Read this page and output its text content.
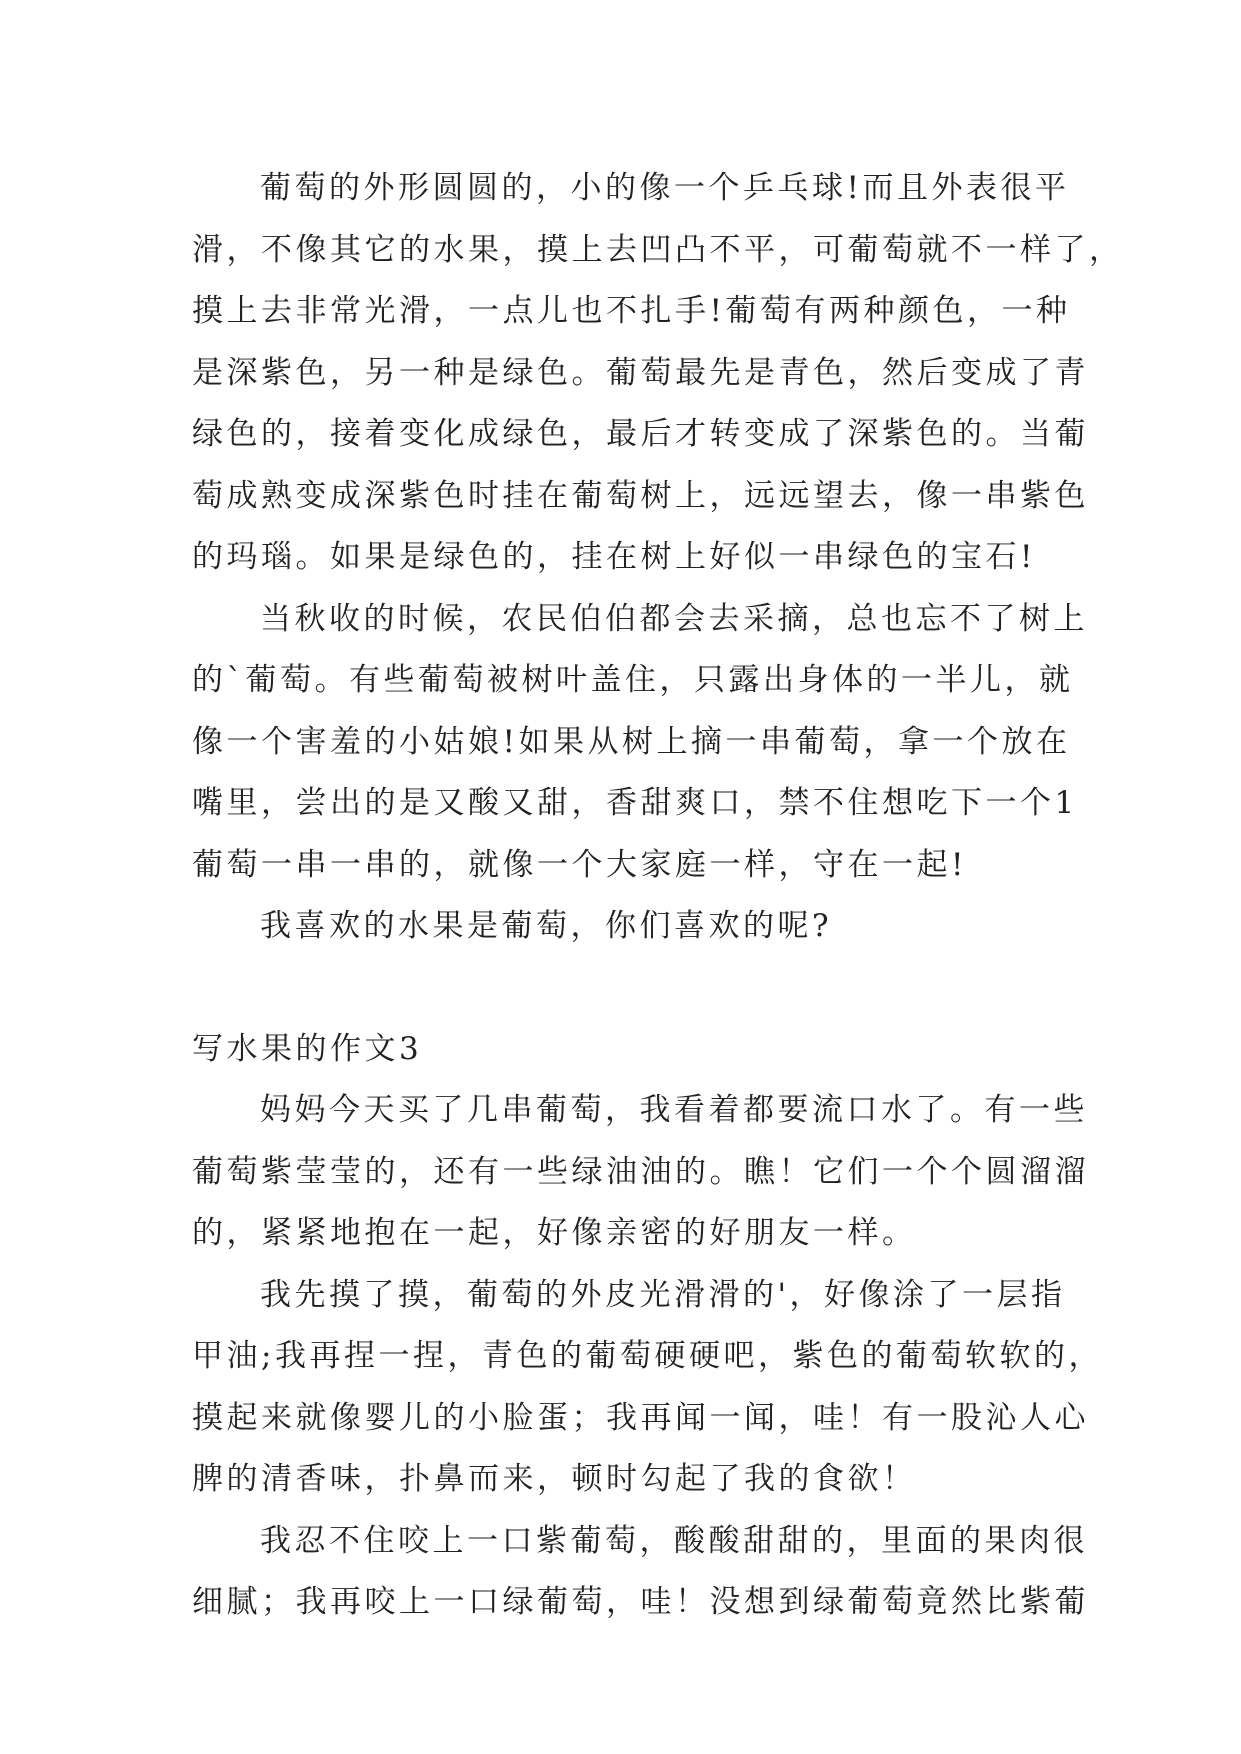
葡萄的外形圆圆的，小的像一个乒乓球!而且外表很平
滑，不像其它的水果，摸上去凹凸不平，可葡萄就不一样了，
摸上去非常光滑，一点儿也不扎手!葡萄有两种颜色，一种
是深紫色，另一种是绿色。葡萄最先是青色，然后变成了青
绿色的，接着变化成绿色，最后才转变成了深紫色的。当葡
萄成熟变成深紫色时挂在葡萄树上，远远望去，像一串紫色
的玛瑙。如果是绿色的，挂在树上好似一串绿色的宝石!
当秋收的时候，农民伯伯都会去采摘，总也忘不了树上
的`葡萄。有些葡萄被树叶盖住，只露出身体的一半儿，就
像一个害羞的小姑娘!如果从树上摘一串葡萄，拿一个放在
嘴里，尝出的是又酸又甜，香甜爽口，禁不住想吃下一个1
葡萄一串一串的，就像一个大家庭一样，守在一起!
我喜欢的水果是葡萄，你们喜欢的呢?
写水果的作文3
妈妈今天买了几串葡萄，我看着都要流口水了。有一些
葡萄紫莹莹的，还有一些绿油油的。瞧！它们一个个圆溜溜
的，紧紧地抱在一起，好像亲密的好朋友一样。
我先摸了摸，葡萄的外皮光滑滑的'，好像涂了一层指
甲油;我再捏一捏，青色的葡萄硬硬吧，紫色的葡萄软软的，
摸起来就像婴儿的小脸蛋；我再闻一闻，哇！有一股沁人心
脾的清香味，扑鼻而来，顿时勾起了我的食欲！
我忍不住咬上一口紫葡萄，酸酸甜甜的，里面的果肉很
细腻；我再咬上一口绿葡萄，哇！没想到绿葡萄竟然比紫葡
